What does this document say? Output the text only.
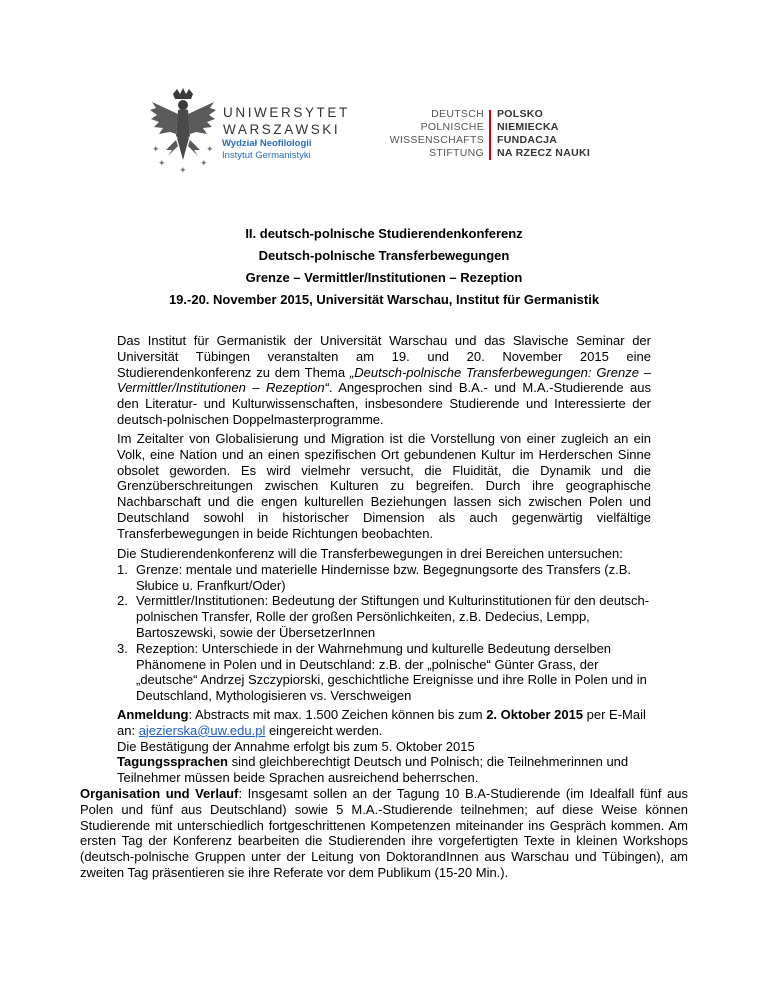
✦	✦
✦	✦
✦
UNIWERSYTET
WARSZAWSKI
Wydział Neofilologii
Instytut Germanistyki
DEUTSCH
POLNISCHE
WISSENSCHAFTS
STIFTUNG
POLSKO
NIEMIECKA
FUNDACJA
NA RZECZ NAUKI
II. deutsch-polnische Studierendenkonferenz
Deutsch-polnische Transferbewegungen
Grenze – Vermittler/Institutionen – Rezeption
19.-20. November 2015, Universität Warschau, Institut für Germanistik
Das Institut für Germanistik der Universität Warschau und das Slavische Seminar der Universität Tübingen veranstalten am 19. und 20. November 2015 eine Studierendenkonferenz zu dem Thema „Deutsch-polnische Transferbewegungen: Grenze – Vermittler/Institutionen – Rezeption“. Angesprochen sind B.A.- und M.A.-Studierende aus den Literatur- und Kulturwissenschaften, insbesondere Studierende und Interessierte der deutsch-polnischen Doppelmasterprogramme.
Im Zeitalter von Globalisierung und Migration ist die Vorstellung von einer zugleich an ein Volk, eine Nation und an einen spezifischen Ort gebundenen Kultur im Herderschen Sinne obsolet geworden. Es wird vielmehr versucht, die Fluidität, die Dynamik und die Grenzüberschreitungen zwischen Kulturen zu begreifen. Durch ihre geographische Nachbarschaft und die engen kulturellen Beziehungen lassen sich zwischen Polen und Deutschland sowohl in historischer Dimension als auch gegenwärtig vielfältige Transferbewegungen in beide Richtungen beobachten.
Die Studierendenkonferenz will die Transferbewegungen in drei Bereichen untersuchen:
1. Grenze: mentale und materielle Hindernisse bzw. Begegnungsorte des Transfers (z.B. Słubice u. Franfkurt/Oder)
2. Vermittler/Institutionen: Bedeutung der Stiftungen und Kulturinstitutionen für den deutsch-polnischen Transfer, Rolle der großen Persönlichkeiten, z.B. Dedecius, Lempp, Bartoszewski, sowie der ÜbersetzerInnen
3. Rezeption: Unterschiede in der Wahrnehmung und kulturelle Bedeutung derselben Phänomene in Polen und in Deutschland: z.B. der „polnische“ Günter Grass, der „deutsche“ Andrzej Szczypiorski, geschichtliche Ereignisse und ihre Rolle in Polen und in Deutschland, Mythologisieren vs. Verschweigen
Anmeldung: Abstracts mit max. 1.500 Zeichen können bis zum 2. Oktober 2015 per E-Mail an: ajezierska@uw.edu.pl eingereicht werden.
Die Bestätigung der Annahme erfolgt bis zum 5. Oktober 2015
Tagungssprachen sind gleichberechtigt Deutsch und Polnisch; die Teilnehmerinnen und Teilnehmer müssen beide Sprachen ausreichend beherrschen.
Organisation und Verlauf: Insgesamt sollen an der Tagung 10 B.A-Studierende (im Idealfall fünf aus Polen und fünf aus Deutschland) sowie 5 M.A.-Studierende teilnehmen; auf diese Weise können Studierende mit unterschiedlich fortgeschrittenen Kompetenzen miteinander ins Gespräch kommen. Am ersten Tag der Konferenz bearbeiten die Studierenden ihre vorgefertigten Texte in kleinen Workshops (deutsch-polnische Gruppen unter der Leitung von DoktorandInnen aus Warschau und Tübingen), am zweiten Tag präsentieren sie ihre Referate vor dem Publikum (15-20 Min.).
